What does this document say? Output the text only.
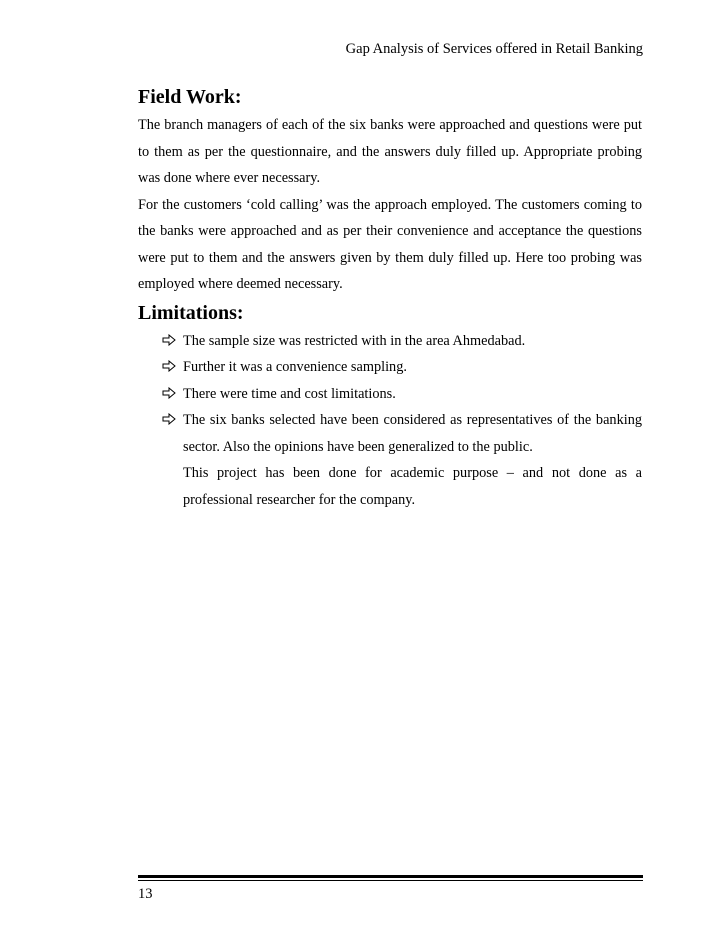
Gap Analysis of Services offered in Retail Banking
Field Work:

The branch managers of each of the six banks were approached and questions were put to them as per the questionnaire, and the answers duly filled up. Appropriate probing was done where ever necessary.

For the customers ‘cold calling’ was the approach employed. The customers coming to the banks were approached and as per their convenience and acceptance the questions were put to them and the answers given by them duly filled up. Here too probing was employed where deemed necessary.

Limitations:
The sample size was restricted with in the area Ahmedabad.
Further it was a convenience sampling.
There were time and cost limitations.
The six banks selected have been considered as representatives of the banking sector. Also the opinions have been generalized to the public.

This project has been done for academic purpose – and not done as a professional researcher for the company.

13
